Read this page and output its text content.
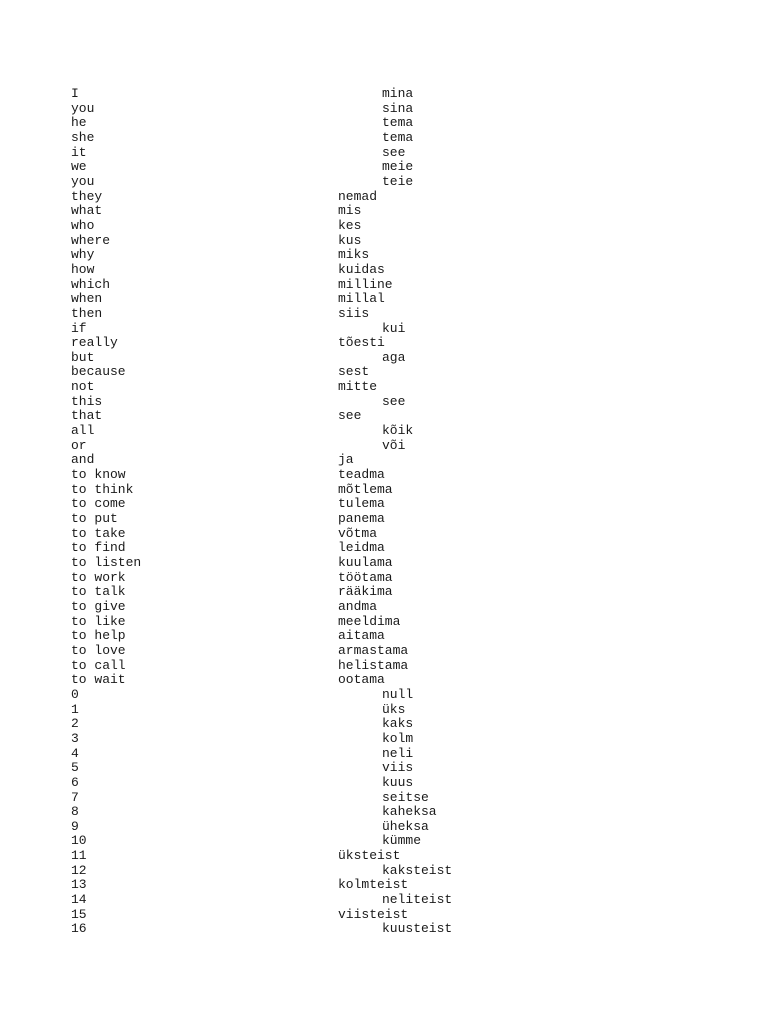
I	mina
you	sina
he	tema
she	tema
it	see
we	meie
you	teie
they	nemad
what	mis
who	kes
where	kus
why	miks
how	kuidas
which	milline
when	millal
then	siis
if	kui
really	tõesti
but	aga
because	sest
not	mitte
this	see
that	see
all	kõik
or	või
and	ja
to know	teadma
to think	mõtlema
to come	tulema
to put	panema
to take	võtma
to find	leidma
to listen	kuulama
to work	töötama
to talk	rääkima
to give	andma
to like	meeldima
to help	aitama
to love	armastama
to call	helistama
to wait	ootama
0	null
1	üks
2	kaks
3	kolm
4	neli
5	viis
6	kuus
7	seitse
8	kaheksa
9	üheksa
10	kümme
11	üksteist
12	kaksteist
13	kolmteist
14	neliteist
15	viisteist
16	kuusteist
